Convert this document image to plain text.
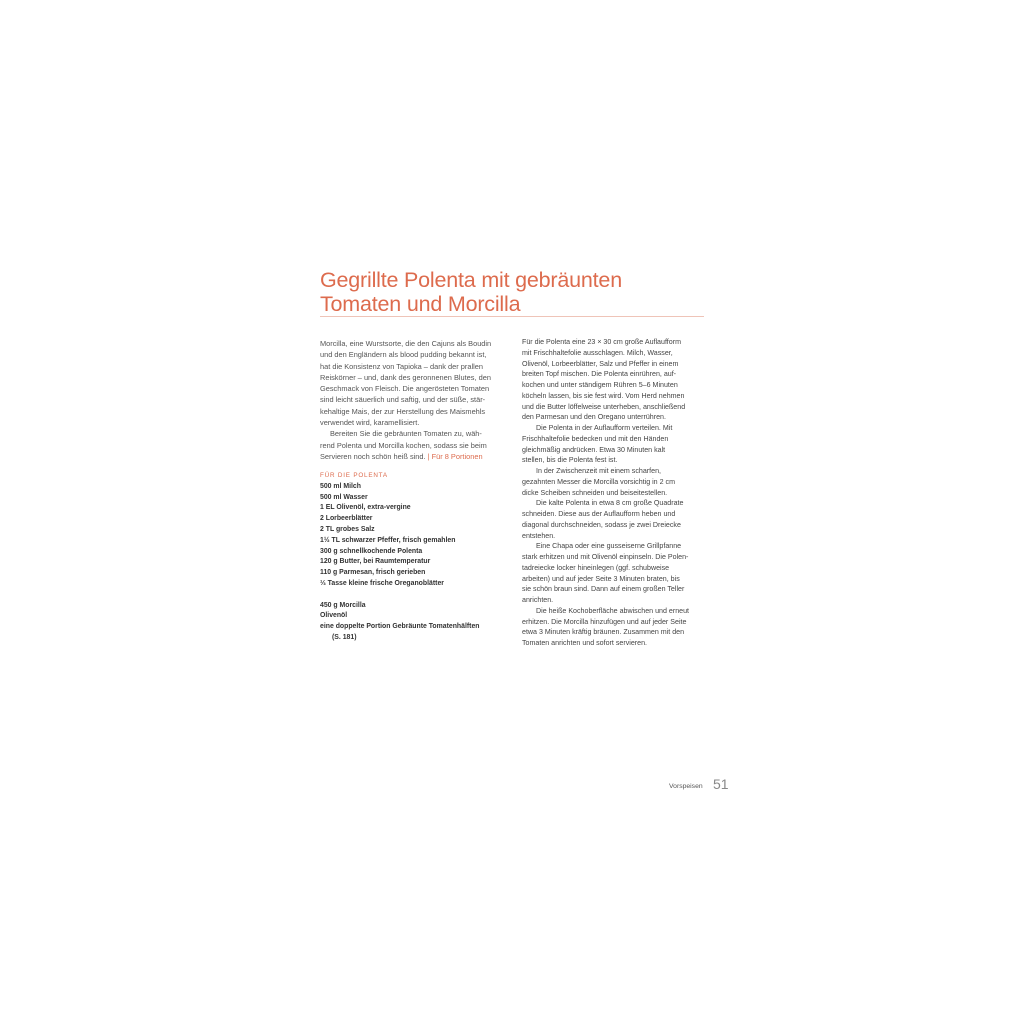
Gegrillte Polenta mit gebräunten
Tomaten und Morcilla

Morcilla, eine Wurstsorte, die den Cajuns als Boudin

und den Engländern als blood pudding bekannt ist,

hat die Konsistenz von Tapioka – dank der prallen

Reiskörner – und, dank des geronnenen Blutes, den

Geschmack von Fleisch. Die angerösteten Tomaten

sind leicht säuerlich und saftig, und der süße, stär-

kehaltige Mais, der zur Herstellung des Maismehls

verwendet wird, karamellisiert.

Bereiten Sie die gebräunten Tomaten zu, wäh-

rend Polenta und Morcilla kochen, sodass sie beim

Servieren noch schön heiß sind. | Für 8 Portionen

FÜR DIE POLENTA
500 ml Milch
500 ml Wasser
1 EL Olivenöl, extra-vergine
2 Lorbeerblätter
2 TL grobes Salz
1½ TL schwarzer Pfeffer, frisch gemahlen
300 g schnellkochende Polenta
120 g Butter, bei Raumtemperatur
110 g Parmesan, frisch gerieben
⅓ Tasse kleine frische Oreganoblätter
450 g Morcilla
Olivenöl
eine doppelte Portion Gebräunte Tomatenhälften
(S. 181)

Für die Polenta eine 23 × 30 cm große Auflaufform

mit Frischhaltefolie ausschlagen. Milch, Wasser,

Olivenöl, Lorbeerblätter, Salz und Pfeffer in einem

breiten Topf mischen. Die Polenta einrühren, auf-

kochen und unter ständigem Rühren 5–6 Minuten

köcheln lassen, bis sie fest wird. Vom Herd nehmen

und die Butter löffelweise unterheben, anschließend

den Parmesan und den Oregano unterrühren.

Die Polenta in der Auflaufform verteilen. Mit

Frischhaltefolie bedecken und mit den Händen

gleichmäßig andrücken. Etwa 30 Minuten kalt

stellen, bis die Polenta fest ist.

In der Zwischenzeit mit einem scharfen,

gezahnten Messer die Morcilla vorsichtig in 2 cm

dicke Scheiben schneiden und beiseitestellen.

Die kalte Polenta in etwa 8 cm große Quadrate

schneiden. Diese aus der Auflaufform heben und

diagonal durchschneiden, sodass je zwei Dreiecke

entstehen.

Eine Chapa oder eine gusseiserne Grillpfanne

stark erhitzen und mit Olivenöl einpinseln. Die Polen-

tadreiecke locker hineinlegen (ggf. schubweise

arbeiten) und auf jeder Seite 3 Minuten braten, bis

sie schön braun sind. Dann auf einem großen Teller

anrichten.

Die heiße Kochoberfläche abwischen und erneut

erhitzen. Die Morcilla hinzufügen und auf jeder Seite

etwa 3 Minuten kräftig bräunen. Zusammen mit den

Tomaten anrichten und sofort servieren.

Vorspeisen 51
